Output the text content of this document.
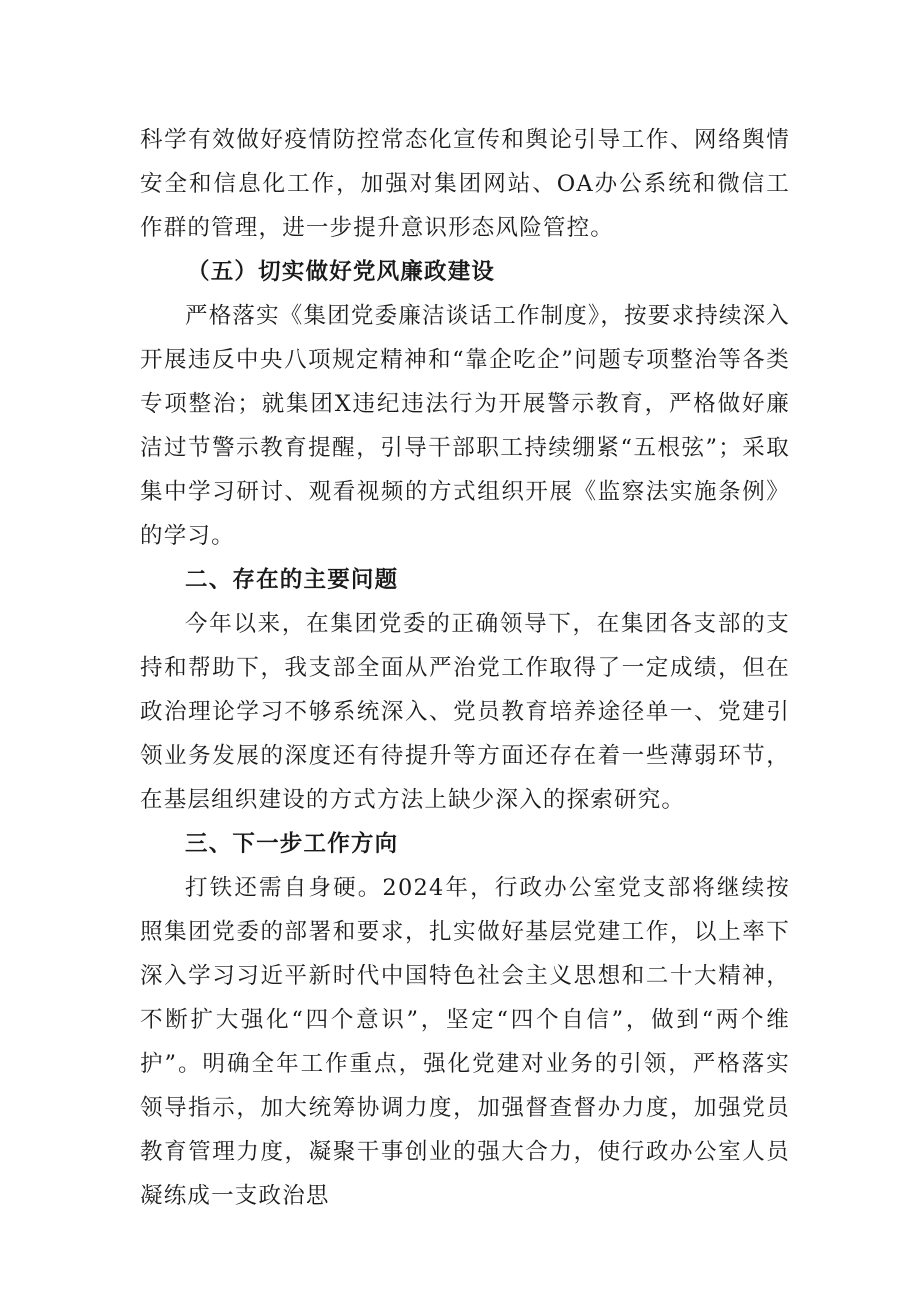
科学有效做好疫情防控常态化宣传和舆论引导工作、网络舆情安全和信息化工作，加强对集团网站、OA办公系统和微信工作群的管理，进一步提升意识形态风险管控。

（五）切实做好党风廉政建设

严格落实《集团党委廉洁谈话工作制度》，按要求持续深入开展违反中央八项规定精神和“靠企吃企”问题专项整治等各类专项整治；就集团X违纪违法行为开展警示教育，严格做好廉洁过节警示教育提醒，引导干部职工持续绷紧“五根弦”；采取集中学习研讨、观看视频的方式组织开展《监察法实施条例》的学习。

二、存在的主要问题

今年以来，在集团党委的正确领导下，在集团各支部的支持和帮助下，我支部全面从严治党工作取得了一定成绩，但在政治理论学习不够系统深入、党员教育培养途径单一、党建引领业务发展的深度还有待提升等方面还存在着一些薄弱环节，在基层组织建设的方式方法上缺少深入的探索研究。

三、下一步工作方向

打铁还需自身硬。2024年，行政办公室党支部将继续按照集团党委的部署和要求，扎实做好基层党建工作，以上率下深入学习习近平新时代中国特色社会主义思想和二十大精神，不断扩大强化“四个意识”，坚定“四个自信”，做到“两个维护”。明确全年工作重点，强化党建对业务的引领，严格落实领导指示，加大统筹协调力度，加强督查督办力度，加强党员教育管理力度，凝聚干事创业的强大合力，使行政办公室人员凝练成一支政治思
